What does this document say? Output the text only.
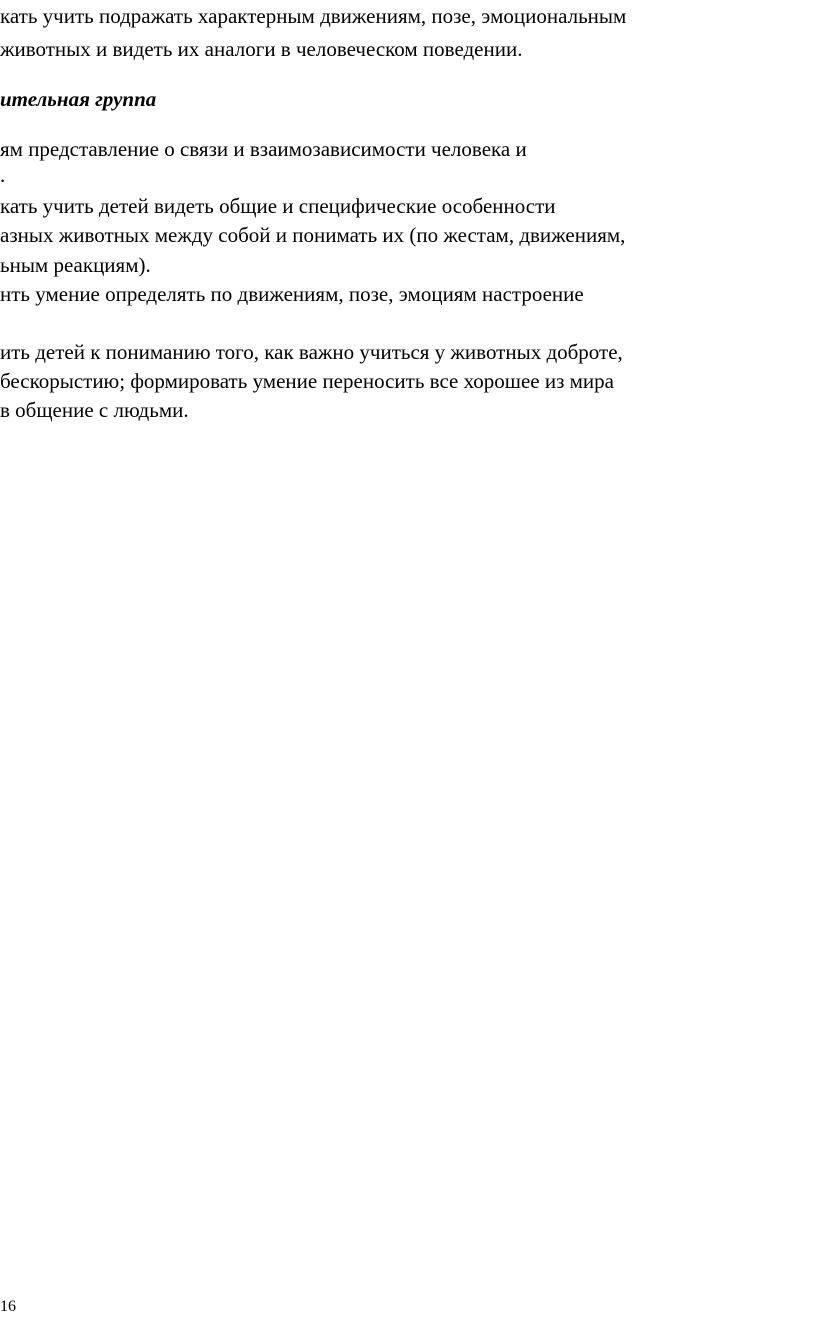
кать учить подражать характерным движениям, позе, эмоциональным
животных и видеть их аналоги в человеческом поведении.
ительная группа
ям представление о связи и взаимозависимости человека и
.
кать учить детей видеть общие и специфические особенности
азных животных между собой и понимать их (по жестам, движениям,
ьным реакциям).
нть умение определять по движениям, позе, эмоциям настроение
ить детей к пониманию того, как важно учиться у животных доброте,
бескорыстию; формировать умение переносить все хорошее из мира
в общение с людьми.
16
